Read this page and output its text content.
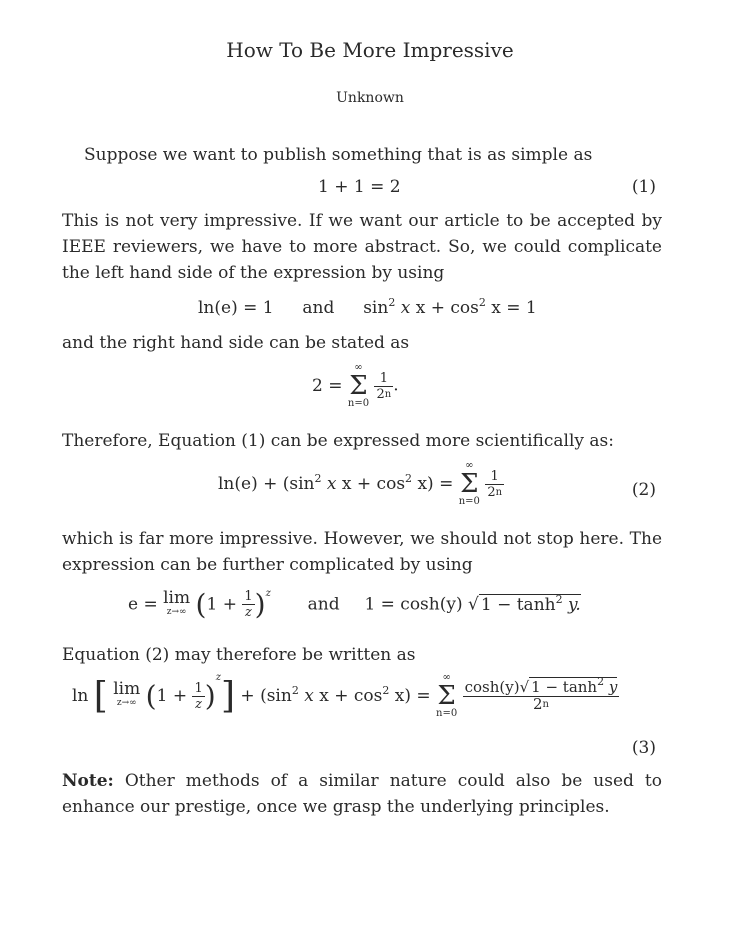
How To Be More Impressive
Unknown
Suppose we want to publish something that is as simple as
1 + 1 = 2	(1)
This is not very impressive. If we want our article to be accepted by IEEE reviewers, we have to more abstract. So, we could complicate the left hand side of the expression by using
ln(e) = 1 and $\sin^2 x$ $x + \cos^2 x = 1$
and the right hand side can be stated as
2 =
∞
Σ
n=0

$\frac{1}{2^n}$ .
Therefore, Equation (1) can be expressed more scientifically as:
$\ln(e) + (\sin^2$ x $x + \cos^2 x$) =
∞
Σ
n=0

$\frac{1}{2^n}$	(2)
which is far more impressive. However, we should not stop here. The expression can be further complicated by using
e = lim
z→∞ $(1 + \frac{1}{z} )^z$  and 1 = cosh(y) √ $1 - \tanh^2 y$.
Equation (2) may therefore be written as
ln [ lim
z→∞ $(1 + \frac{1}{z} )^z] + (\sin^2$ x $x + \cos^2 x$) =
∞
Σ
n=0

$\frac{\cosh(y)√ 1 - \tanh^2 y}{2^n}$
(3)
Note: Other methods of a similar nature could also be used to enhance our prestige, once we grasp the underlying principles.
